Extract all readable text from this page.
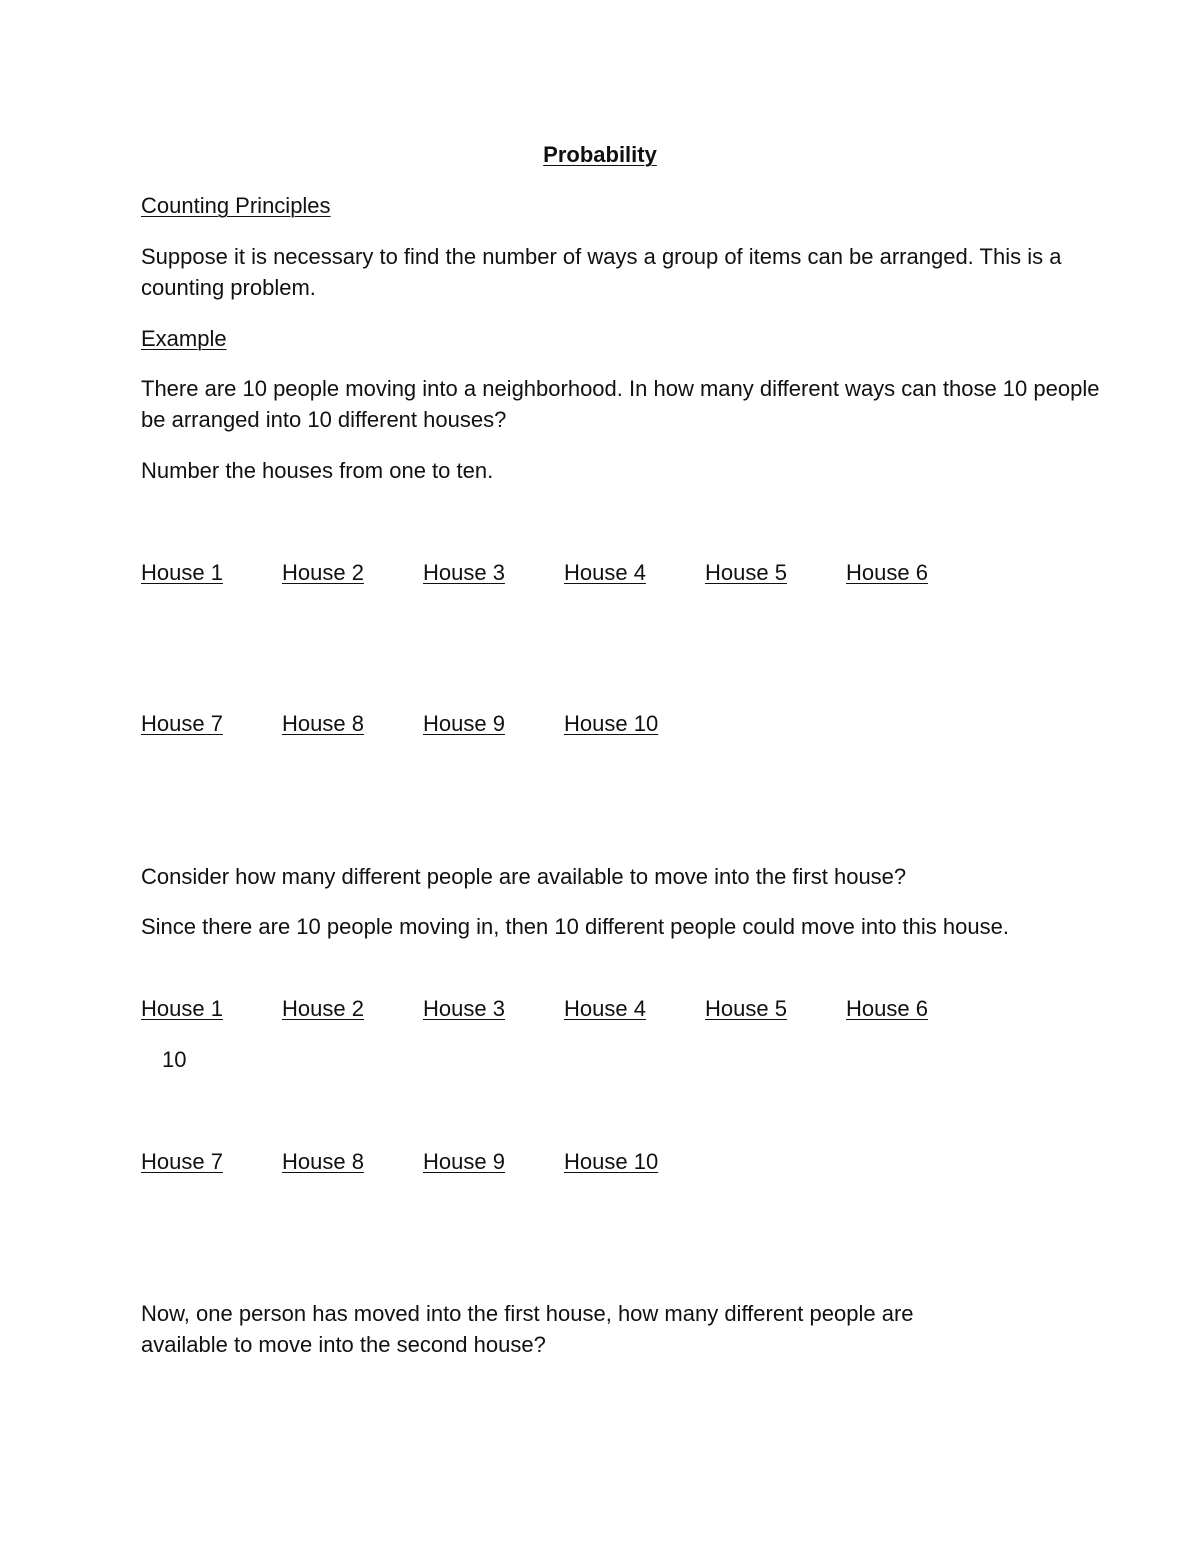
Probability

Counting Principles

Suppose it is necessary to find the number of ways a group of items can be arranged. This is a counting problem.

Example

There are 10 people moving into a neighborhood. In how many different ways can those 10 people be arranged into 10 different houses?

Number the houses from one to ten.

House 1	House 2	House 3	House 4	House 5	House 6
House 7	House 8	House 9	House 10

Consider how many different people are available to move into the first house?

Since there are 10 people moving in, then 10 different people could move into this house.

House 1	House 2	House 3	House 4	House 5	House 6
10
House 7	House 8	House 9	House 10

Now, one person has moved into the first house, how many different people are available to move into the second house?
